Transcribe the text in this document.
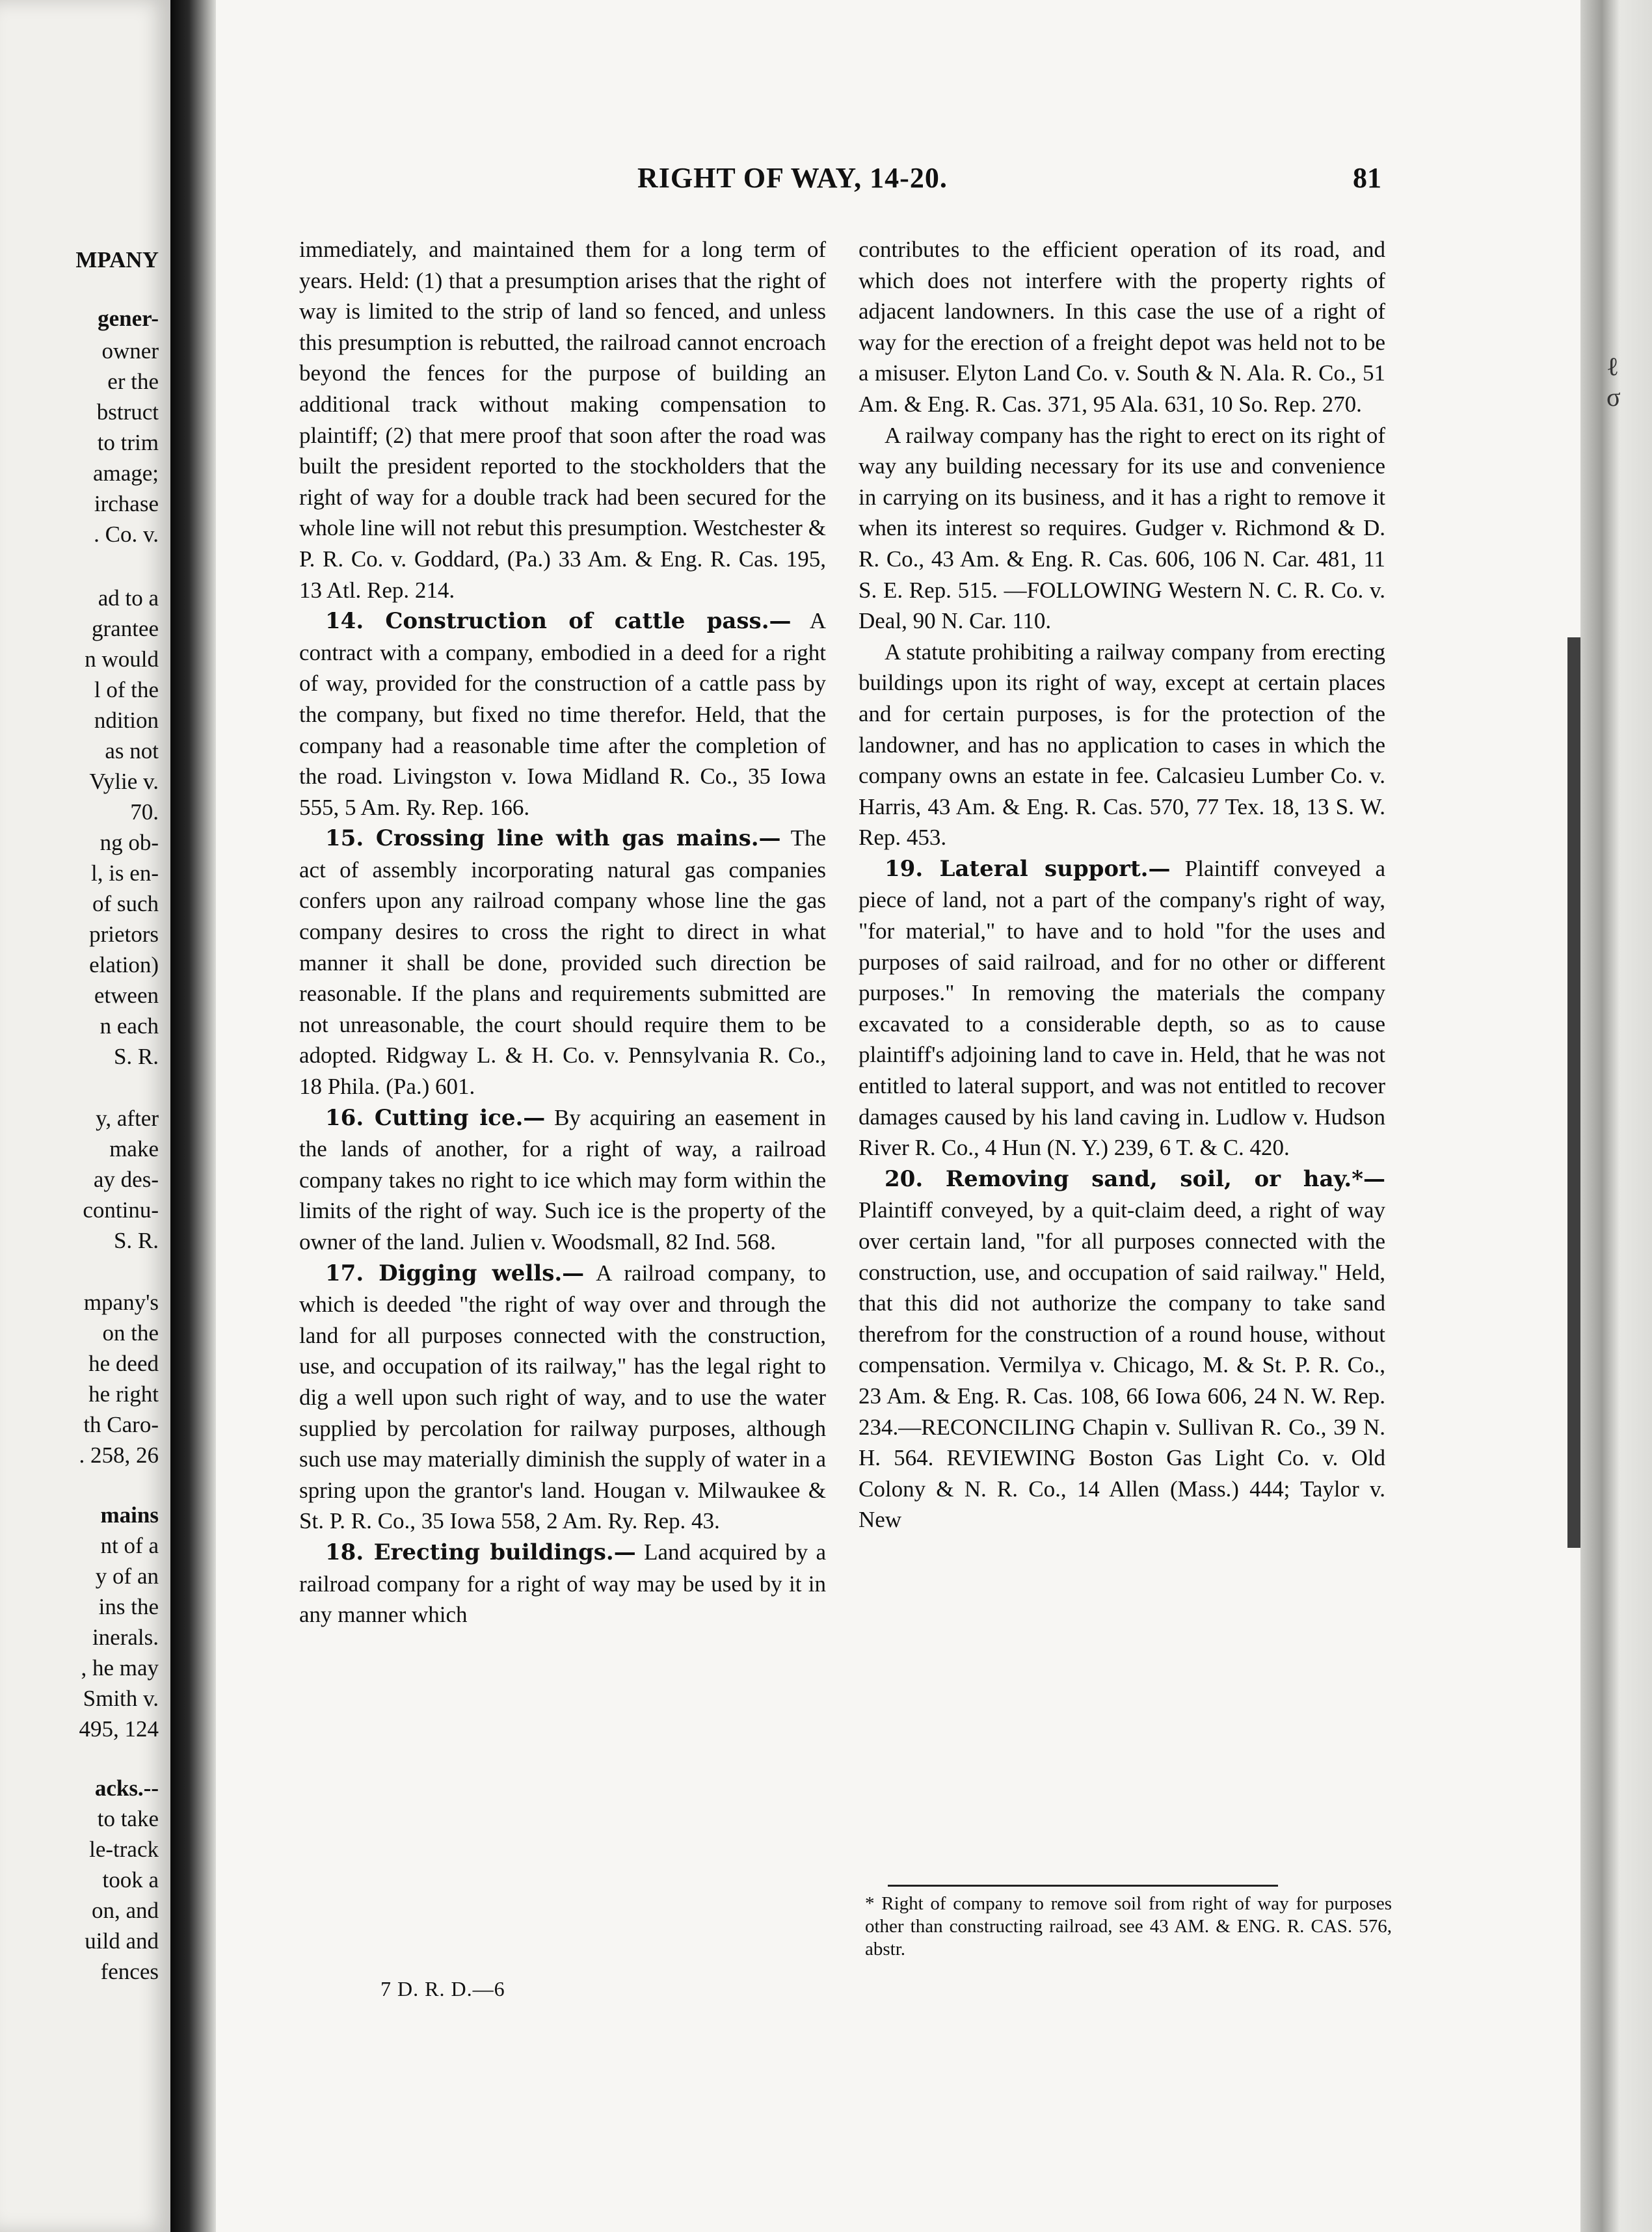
MPANY
gener-
owner
er the
bstruct
to trim
amage;
irchase
. Co. v.
ad to a
grantee
n would
l of the
ndition
as not
Vylie v.
70.
ng ob-
l, is en-
of such
prietors
elation)
etween
n each
S. R.
y, after
make
ay des-
continu-
S. R.
mpany's
on the
he deed
he right
th Caro-
. 258, 26
mains
nt of a
y of an
ins the
inerals.
, he may
Smith v.
495, 124
acks.--
to take
le-track
took a
on, and
uild and
fences
ℓ
σ
RIGHT OF WAY, 14-20.	81

immediately, and maintained them for a long term of years. Held: (1) that a presumption arises that the right of way is limited to the strip of land so fenced, and unless this presumption is rebutted, the railroad cannot encroach beyond the fences for the purpose of building an additional track without making compensation to plaintiff; (2) that mere proof that soon after the road was built the president reported to the stockholders that the right of way for a double track had been secured for the whole line will not rebut this presumption. Westchester & P. R. Co. v. Goddard, (Pa.) 33 Am. & Eng. R. Cas. 195, 13 Atl. Rep. 214.

14. Construction of cattle pass.— A contract with a company, embodied in a deed for a right of way, provided for the construction of a cattle pass by the company, but fixed no time therefor. Held, that the company had a reasonable time after the completion of the road. Livingston v. Iowa Midland R. Co., 35 Iowa 555, 5 Am. Ry. Rep. 166.

15. Crossing line with gas mains.— The act of assembly incorporating natural gas companies confers upon any railroad company whose line the gas company desires to cross the right to direct in what manner it shall be done, provided such direction be reasonable. If the plans and requirements submitted are not unreasonable, the court should require them to be adopted. Ridgway L. & H. Co. v. Pennsylvania R. Co., 18 Phila. (Pa.) 601.

16. Cutting ice.— By acquiring an easement in the lands of another, for a right of way, a railroad company takes no right to ice which may form within the limits of the right of way. Such ice is the property of the owner of the land. Julien v. Woodsmall, 82 Ind. 568.

17. Digging wells.— A railroad company, to which is deeded "the right of way over and through the land for all purposes connected with the construction, use, and occupation of its railway," has the legal right to dig a well upon such right of way, and to use the water supplied by percolation for railway purposes, although such use may materially diminish the supply of water in a spring upon the grantor's land. Hougan v. Milwaukee & St. P. R. Co., 35 Iowa 558, 2 Am. Ry. Rep. 43.

18. Erecting buildings.— Land acquired by a railroad company for a right of way may be used by it in any manner which

contributes to the efficient operation of its road, and which does not interfere with the property rights of adjacent landowners. In this case the use of a right of way for the erection of a freight depot was held not to be a misuser. Elyton Land Co. v. South & N. Ala. R. Co., 51 Am. & Eng. R. Cas. 371, 95 Ala. 631, 10 So. Rep. 270.

A railway company has the right to erect on its right of way any building necessary for its use and convenience in carrying on its business, and it has a right to remove it when its interest so requires. Gudger v. Richmond & D. R. Co., 43 Am. & Eng. R. Cas. 606, 106 N. Car. 481, 11 S. E. Rep. 515. —FOLLOWING Western N. C. R. Co. v. Deal, 90 N. Car. 110.

A statute prohibiting a railway company from erecting buildings upon its right of way, except at certain places and for certain purposes, is for the protection of the landowner, and has no application to cases in which the company owns an estate in fee. Calcasieu Lumber Co. v. Harris, 43 Am. & Eng. R. Cas. 570, 77 Tex. 18, 13 S. W. Rep. 453.

19. Lateral support.— Plaintiff conveyed a piece of land, not a part of the company's right of way, "for material," to have and to hold "for the uses and purposes of said railroad, and for no other or different purposes." In removing the materials the company excavated to a considerable depth, so as to cause plaintiff's adjoining land to cave in. Held, that he was not entitled to lateral support, and was not entitled to recover damages caused by his land caving in. Ludlow v. Hudson River R. Co., 4 Hun (N. Y.) 239, 6 T. & C. 420.

20. Removing sand, soil, or hay.*— Plaintiff conveyed, by a quit-claim deed, a right of way over certain land, "for all purposes connected with the construction, use, and occupation of said railway." Held, that this did not authorize the company to take sand therefrom for the construction of a round house, without compensation. Vermilya v. Chicago, M. & St. P. R. Co., 23 Am. & Eng. R. Cas. 108, 66 Iowa 606, 24 N. W. Rep. 234.—RECONCILING Chapin v. Sullivan R. Co., 39 N. H. 564. REVIEWING Boston Gas Light Co. v. Old Colony & N. R. Co., 14 Allen (Mass.) 444; Taylor v. New

7 D. R. D.—6
* Right of company to remove soil from right of way for purposes other than constructing railroad, see 43 AM. & ENG. R. CAS. 576, abstr.
